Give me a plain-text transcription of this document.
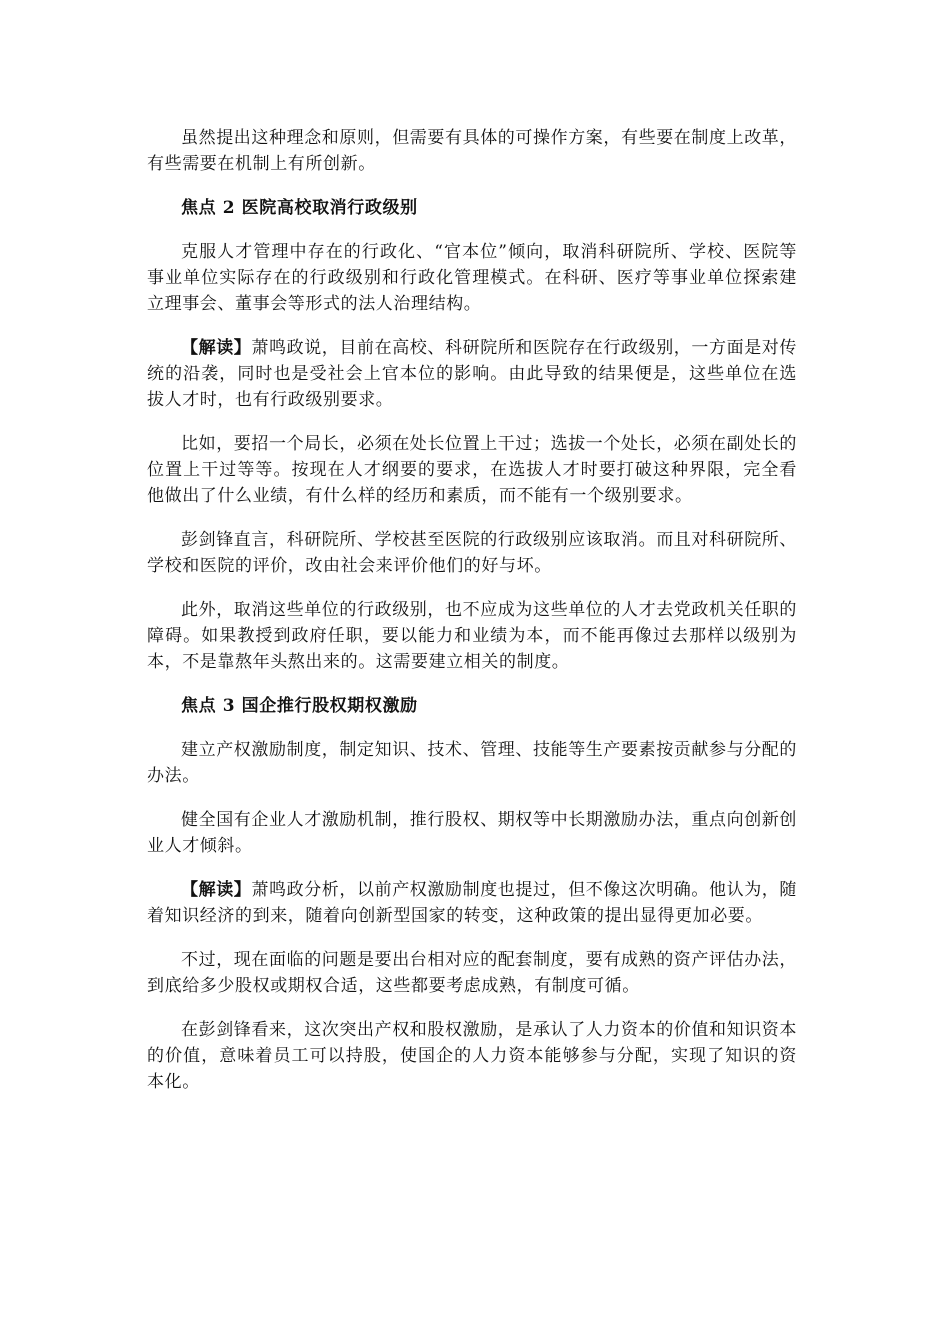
虽然提出这种理念和原则，但需要有具体的可操作方案，有些要在制度上改革，有些需要在机制上有所创新。

焦点 2 医院高校取消行政级别

克服人才管理中存在的行政化、“官本位”倾向，取消科研院所、学校、医院等事业单位实际存在的行政级别和行政化管理模式。在科研、医疗等事业单位探索建立理事会、董事会等形式的法人治理结构。

【解读】萧鸣政说，目前在高校、科研院所和医院存在行政级别，一方面是对传统的沿袭，同时也是受社会上官本位的影响。由此导致的结果便是，这些单位在选拔人才时，也有行政级别要求。

比如，要招一个局长，必须在处长位置上干过；选拔一个处长，必须在副处长的位置上干过等等。按现在人才纲要的要求，在选拔人才时要打破这种界限，完全看他做出了什么业绩，有什么样的经历和素质，而不能有一个级别要求。

彭剑锋直言，科研院所、学校甚至医院的行政级别应该取消。而且对科研院所、学校和医院的评价，改由社会来评价他们的好与坏。

此外，取消这些单位的行政级别，也不应成为这些单位的人才去党政机关任职的障碍。如果教授到政府任职，要以能力和业绩为本，而不能再像过去那样以级别为本，不是靠熬年头熬出来的。这需要建立相关的制度。

焦点 3 国企推行股权期权激励

建立产权激励制度，制定知识、技术、管理、技能等生产要素按贡献参与分配的办法。

健全国有企业人才激励机制，推行股权、期权等中长期激励办法，重点向创新创业人才倾斜。

【解读】萧鸣政分析，以前产权激励制度也提过，但不像这次明确。他认为，随着知识经济的到来，随着向创新型国家的转变，这种政策的提出显得更加必要。

不过，现在面临的问题是要出台相对应的配套制度，要有成熟的资产评估办法，到底给多少股权或期权合适，这些都要考虑成熟，有制度可循。

在彭剑锋看来，这次突出产权和股权激励，是承认了人力资本的价值和知识资本的价值，意味着员工可以持股，使国企的人力资本能够参与分配，实现了知识的资本化。
